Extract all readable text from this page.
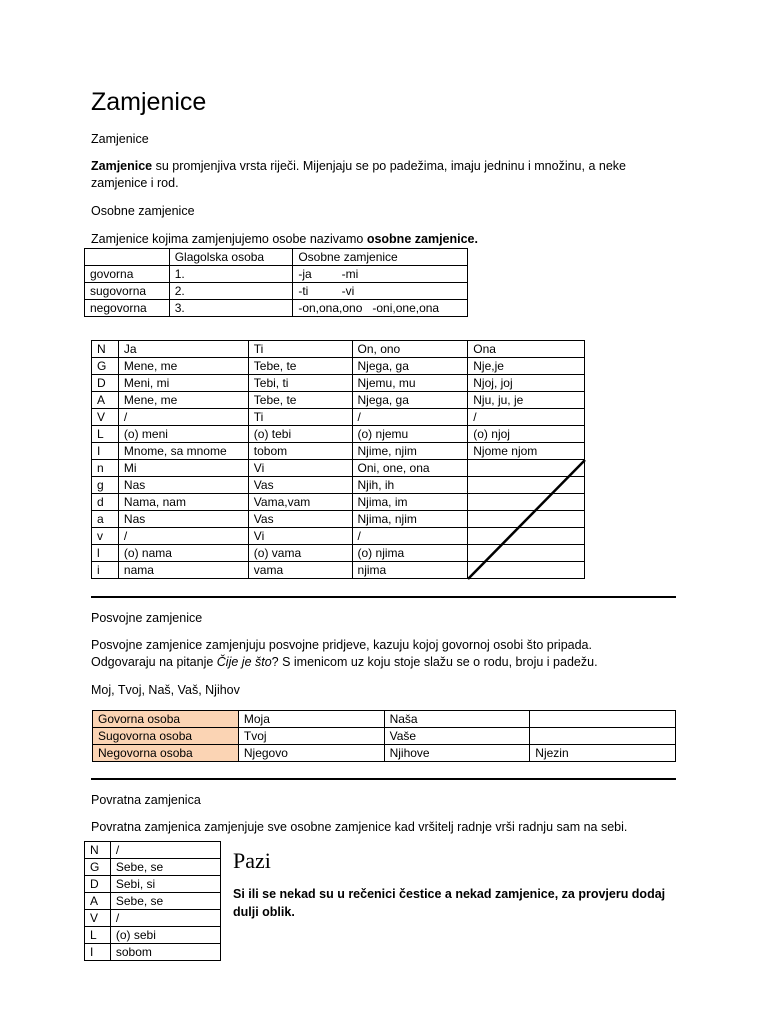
Zamjenice
Zamjenice
Zamjenice su promjenjiva vrsta riječi. Mijenjaju se po padežima, imaju jedninu i množinu, a neke zamjenice i rod.
Osobne zamjenice
Zamjenice kojima zamjenjujemo osobe nazivamo osobne zamjenice.
	Glagolska osoba	Osobne zamjenice
govorna	1.	-ja         -mi
sugovorna	2.	-ti          -vi
negovorna	3.	-on,ona,ono   -oni,one,ona
N	Ja	Ti	On, ono	Ona
G	Mene, me	Tebe, te	Njega, ga	Nje,je
D	Meni, mi	Tebi, ti	Njemu, mu	Njoj, joj
A	Mene, me	Tebe, te	Njega, ga	Nju, ju, je
V	/	Ti	/	/
L	(o) meni	(o) tebi	(o) njemu	(o) njoj
I	Mnome, sa mnome	tobom	Njime, njim	Njome njom
n	Mi	Vi	Oni, one, ona	
g	Nas	Vas	Njih, ih	
d	Nama, nam	Vama,vam	Njima, im	
a	Nas	Vas	Njima, njim	
v	/	Vi	/	
l	(o) nama	(o) vama	(o) njima	
i	nama	vama	njima	
Posvojne zamjenice
Posvojne zamjenice zamjenjuju posvojne pridjeve, kazuju kojoj govornoj osobi što pripada.
Odgovaraju na pitanje Čije je što? S imenicom uz koju stoje slažu se o rodu, broju i padežu.
Moj, Tvoj, Naš, Vaš, Njihov
Govorna osoba	Moja	Naša	
Sugovorna osoba	Tvoj	Vaše	
Negovorna osoba	Njegovo	Njihove	Njezin
Povratna zamjenica
Povratna zamjenica zamjenjuje sve osobne zamjenice kad vršitelj radnje vrši radnju sam na sebi.
N	/
G	Sebe, se
D	Sebi, si
A	Sebe, se
V	/
L	(o) sebi
I	sobom
Pazi
Si ili se nekad su u rečenici čestice a nekad zamjenice, za provjeru dodaj dulji oblik.
